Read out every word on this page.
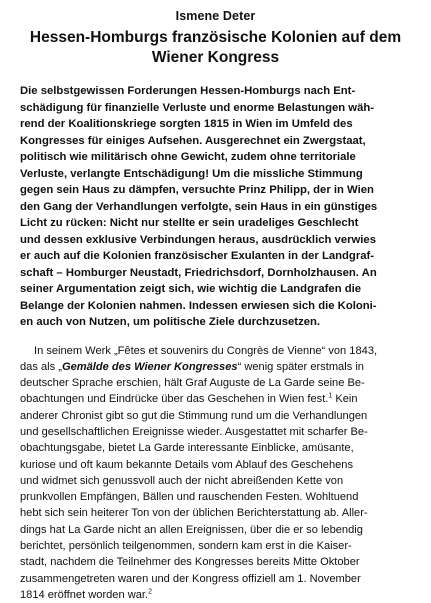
Ismene Deter
Hessen-Homburgs französische Kolonien auf dem
Wiener Kongress
Die selbstgewissen Forderungen Hessen-Homburgs nach Ent-
schädigung für finanzielle Verluste und enorme Belastungen wäh-
rend der Koalitionskriege sorgten 1815 in Wien im Umfeld des
Kongresses für einiges Aufsehen. Ausgerechnet ein Zwergstaat,
politisch wie militärisch ohne Gewicht, zudem ohne territoriale
Verluste, verlangte Entschädigung! Um die missliche Stimmung
gegen sein Haus zu dämpfen, versuchte Prinz Philipp, der in Wien
den Gang der Verhandlungen verfolgte, sein Haus in ein günstiges
Licht zu rücken: Nicht nur stellte er sein uradeliges Geschlecht
und dessen exklusive Verbindungen heraus, ausdrücklich verwies
er auch auf die Kolonien französischer Exulanten in der Landgraf-
schaft – Homburger Neustadt, Friedrichsdorf, Dornholzhausen. An
seiner Argumentation zeigt sich, wie wichtig die Landgrafen die
Belange der Kolonien nahmen. Indessen erwiesen sich die Koloni-
en auch von Nutzen, um politische Ziele durchzusetzen.
In seinem Werk „Fêtes et souvenirs du Congrès de Vienne“ von 1843,
das als „Gemälde des Wiener Kongresses“ wenig später erstmals in
deutscher Sprache erschien, hält Graf Auguste de La Garde seine Be-
obachtungen und Eindrücke über das Geschehen in Wien fest.$^1$ Kein
anderer Chronist gibt so gut die Stimmung rund um die Verhandlungen
und gesellschaftlichen Ereignisse wieder. Ausgestattet mit scharfer Be-
obachtungsgabe, bietet La Garde interessante Einblicke, amüsante,
kuriose und oft kaum bekannte Details vom Ablauf des Geschehens
und widmet sich genussvoll auch der nicht abreißenden Kette von
prunkvollen Empfängen, Bällen und rauschenden Festen. Wohltuend
hebt sich sein heiterer Ton von der üblichen Berichterstattung ab. Aller-
dings hat La Garde nicht an allen Ereignissen, über die er so lebendig
berichtet, persönlich teilgenommen, sondern kam erst in die Kaiser-
stadt, nachdem die Teilnehmer des Kongresses bereits Mitte Oktober
zusammengetreten waren und der Kongress offiziell am 1. November
1814 eröffnet worden war.$^2$
